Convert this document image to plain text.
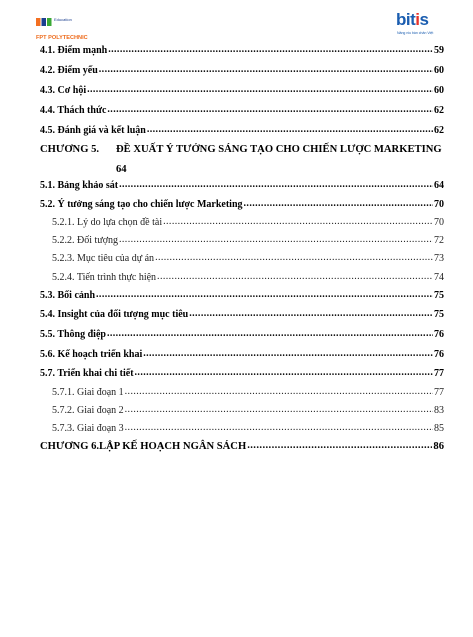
Education
FPT POLYTECHNIC
bitis
Nâng niu bàn chân Việt
4.1. Điểm mạnh .....	59
4.2. Điểm yếu .....	60
4.3. Cơ hội .....	60
4.4. Thách thức .....	62
4.5. Đánh giá và kết luận .....	62
CHƯƠNG 5. ĐỀ XUẤT Ý TƯỞNG SÁNG TẠO CHO CHIẾN LƯỢC MARKETING
64
5.1. Bảng khảo sát .....	64
5.2. Ý tưởng sáng tạo cho chiến lược Marketing .....	70
5.2.1. Lý do lựa chọn đề tài .....	70
5.2.2. Đối tượng .....	72
5.2.3. Mục tiêu của dự án .....	73
5.2.4. Tiến trình thực hiện .....	74
5.3. Bối cảnh .....	75
5.4. Insight của đối tượng mục tiêu .....	75
5.5. Thông điệp .....	76
5.6. Kế hoạch triển khai .....	76
5.7. Triển khai chi tiết .....	77
5.7.1. Giai đoạn 1 .....	77
5.7.2. Giai đoạn 2 .....	83
5.7.3. Giai đoạn 3 .....	85
CHƯƠNG 6. LẬP KẾ HOẠCH NGÂN SÁCH .....	86
